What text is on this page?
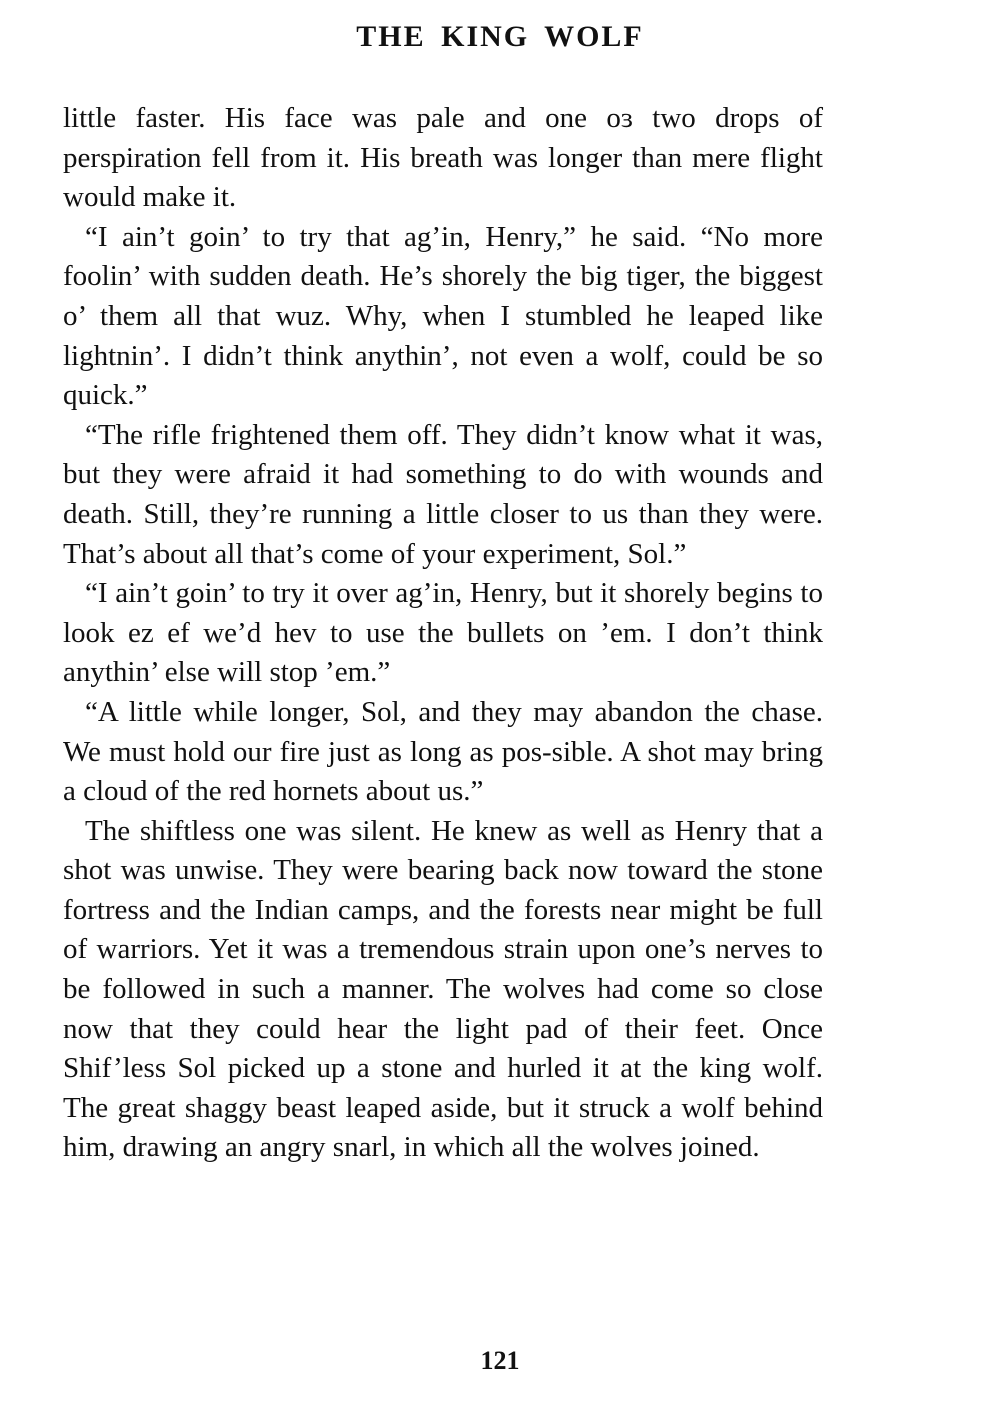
THE KING WOLF

little faster. His face was pale and one oɜ two drops of perspiration fell from it. His breath was longer than mere flight would make it.

“I ain’t goin’ to try that ag’in, Henry,” he said. “No more foolin’ with sudden death. He’s shorely the big tiger, the biggest o’ them all that wuz. Why, when I stumbled he leaped like lightnin’. I didn’t think anythin’, not even a wolf, could be so quick.”

“The rifle frightened them off. They didn’t know what it was, but they were afraid it had something to do with wounds and death. Still, they’re running a little closer to us than they were. That’s about all that’s come of your experiment, Sol.”

“I ain’t goin’ to try it over ag’in, Henry, but it shorely begins to look ez ef we’d hev to use the bullets on ’em. I don’t think anythin’ else will stop ’em.”

“A little while longer, Sol, and they may abandon the chase. We must hold our fire just as long as pos-sible. A shot may bring a cloud of the red hornets about us.”

The shiftless one was silent. He knew as well as Henry that a shot was unwise. They were bearing back now toward the stone fortress and the Indian camps, and the forests near might be full of warriors. Yet it was a tremendous strain upon one’s nerves to be followed in such a manner. The wolves had come so close now that they could hear the light pad of their feet. Once Shif’less Sol picked up a stone and hurled it at the king wolf. The great shaggy beast leaped aside, but it struck a wolf behind him, drawing an angry snarl, in which all the wolves joined.

121
